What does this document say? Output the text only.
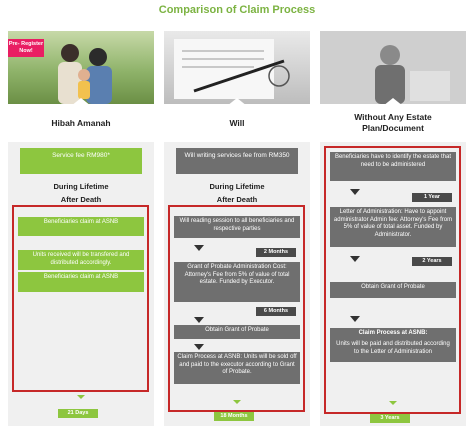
Comparison of Claim Process
Pre- Register Now!
Hibah Amanah
Service fee RM980*
During Lifetime
After Death
Beneficiaries claim at ASNB
Units received will be transfered and distributed accordingly.
Beneficiaries claim at ASNB
21 Days
Will
Will writing services fee from RM350
During Lifetime
After Death
Will reading session to all beneficiaries and respective parties
2 Months
Grant of Probate Administration Cost: Attorney's Fee from 5% of value of total estate. Funded by Executor.
6 Months
Obtain Grant of Probate
Claim Process at ASNB: Units will be sold off and paid to the executor according to Grant of Probate.
18 Months
Without Any Estate Plan/Document
Beneficiaries have to identify the estate that need to be administered
1 Year
Letter of Administration: Have to appoint administrator Admin fee: Attorney's Fee from 5% of value of total asset. Funded by Administrator.
2 Years
Obtain Grant of Probate
Claim Process at ASNB:
Units will be paid and distributed according to the Letter of Administration
3 Years
